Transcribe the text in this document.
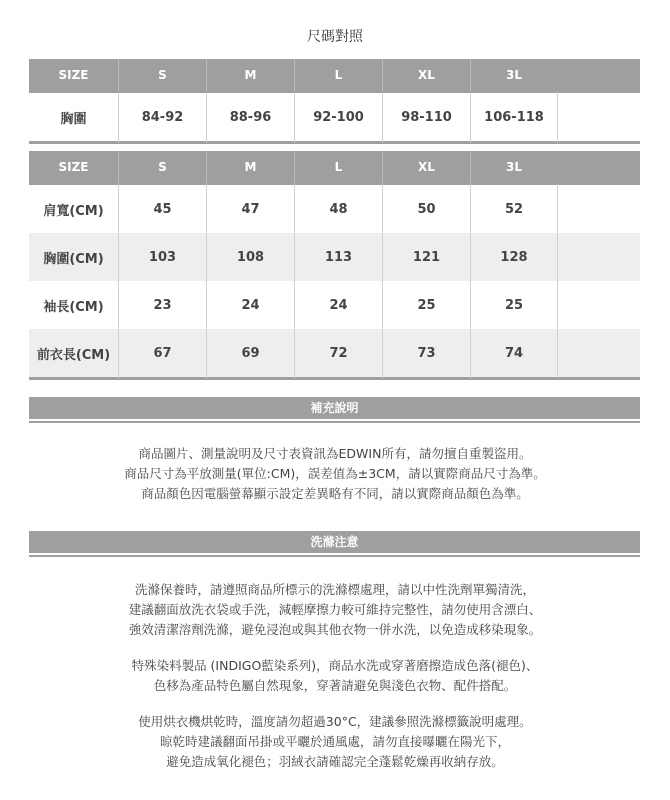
尺碼對照
SIZE	S	M	L	XL	3L	
胸圍	84-92	88-96	92-100	98-110	106-118	
SIZE	S	M	L	XL	3L	
肩寬(CM)	45	47	48	50	52	
胸圍(CM)	103	108	113	121	128	
袖長(CM)	23	24	24	25	25	
前衣長(CM)	67	69	72	73	74	
補充說明
商品圖片、測量說明及尺寸表資訊為EDWIN所有，請勿擅自重製盜用。
商品尺寸為平放測量(單位:CM)，誤差值為±3CM，請以實際商品尺寸為準。
商品顏色因電腦螢幕顯示設定差異略有不同，請以實際商品顏色為準。
洗滌注意
洗滌保養時，請遵照商品所標示的洗滌標處理，請以中性洗劑單獨清洗，
建議翻面放洗衣袋或手洗，減輕摩擦力較可維持完整性，請勿使用含漂白、
強效清潔溶劑洗滌，避免浸泡或與其他衣物一併水洗，以免造成移染現象。
特殊染料製品 (INDIGO藍染系列)，商品水洗或穿著磨擦造成色落(褪色)、
色移為產品特色屬自然現象，穿著請避免與淺色衣物、配件搭配。
使用烘衣機烘乾時，溫度請勿超過30°C，建議參照洗滌標籤說明處理。
晾乾時建議翻面吊掛或平曬於通風處，請勿直接曝曬在陽光下，
避免造成氧化褪色；羽絨衣請確認完全蓬鬆乾燥再收納存放。
